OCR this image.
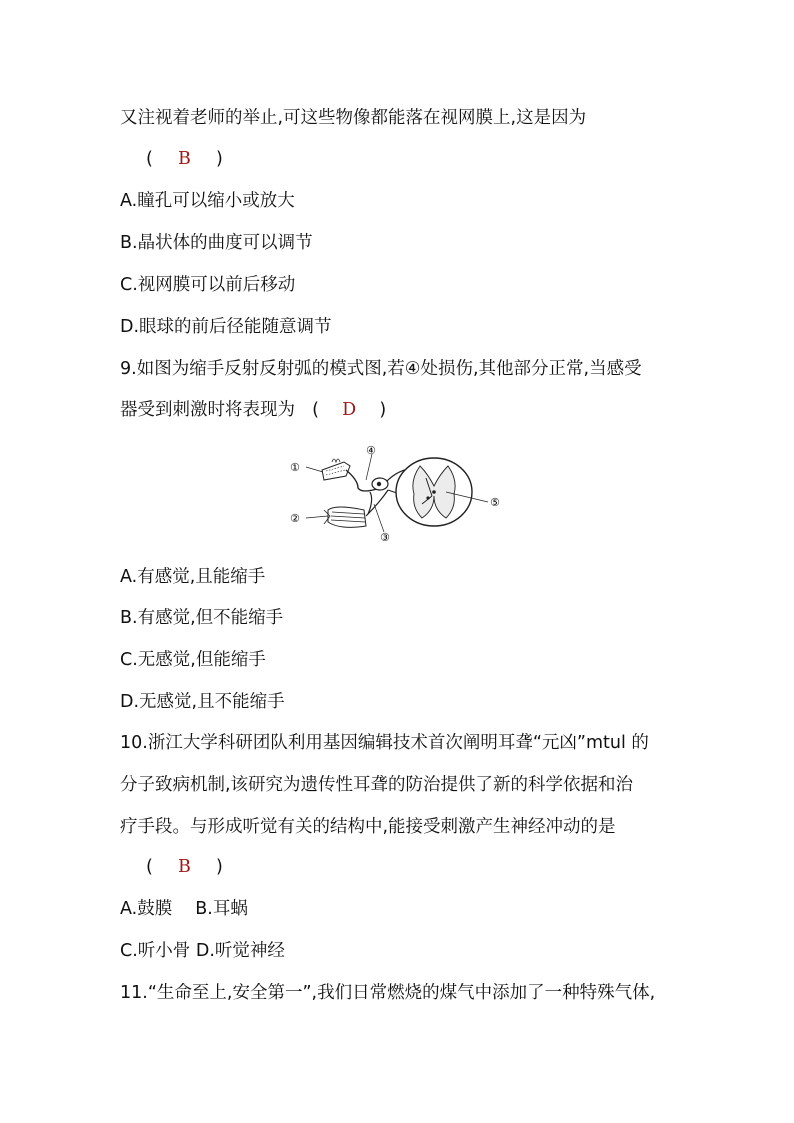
又注视着老师的举止,可这些物像都能落在视网膜上,这是因为
( B )
A.瞳孔可以缩小或放大
B.晶状体的曲度可以调节
C.视网膜可以前后移动
D.眼球的前后径能随意调节
9.如图为缩手反射反射弧的模式图,若④处损伤,其他部分正常,当感受
器受到刺激时将表现为 ( D )
①
②
③
④
⑤
A.有感觉,且能缩手
B.有感觉,但不能缩手
C.无感觉,但能缩手
D.无感觉,且不能缩手
10.浙江大学科研团队利用基因编辑技术首次阐明耳聋“元凶”mtul 的
分子致病机制,该研究为遗传性耳聋的防治提供了新的科学依据和治
疗手段。与形成听觉有关的结构中,能接受刺激产生神经冲动的是
( B )
A.鼓膜 　B.耳蜗
C.听小骨 D.听觉神经
11.“生命至上,安全第一”,我们日常燃烧的煤气中添加了一种特殊气体,
